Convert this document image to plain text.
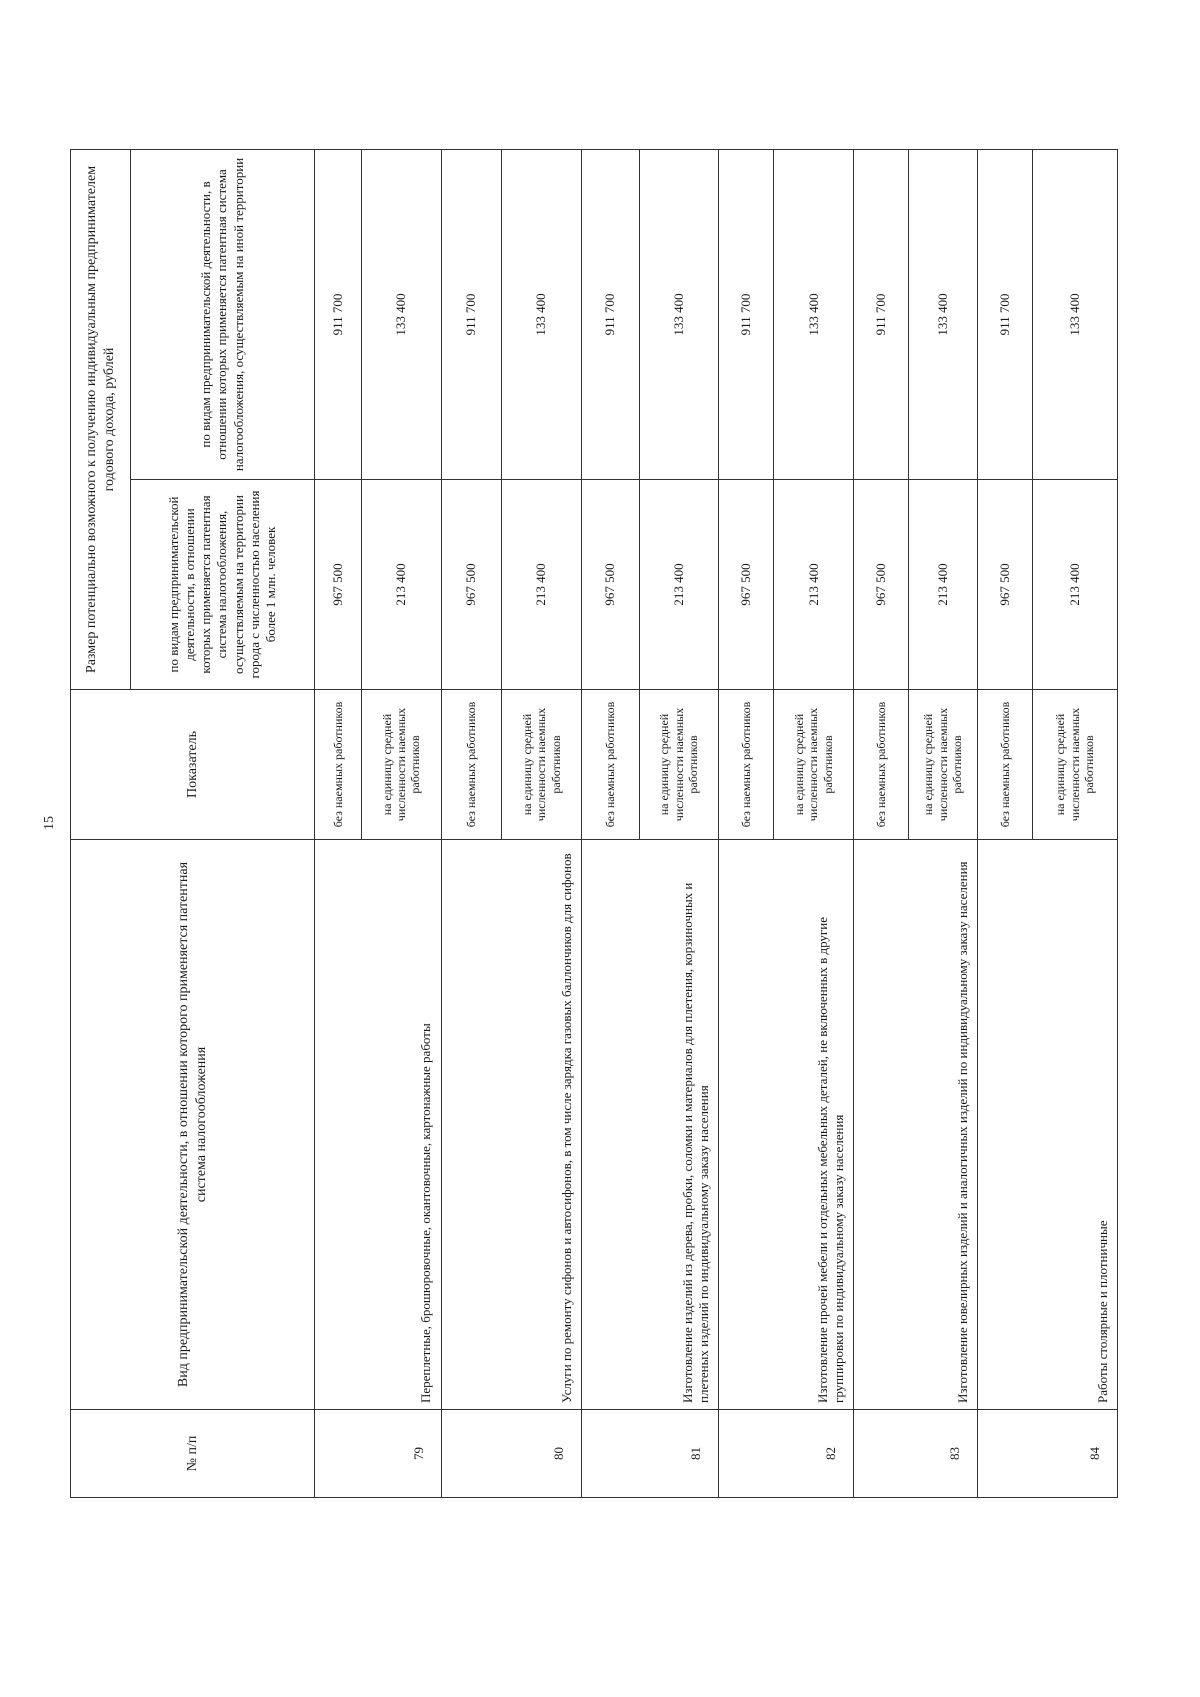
15
№ п/п	Вид предпринимательской деятельности, в отношении которого применяется патентная система налогообложения	Показатель	Размер потенциально возможного к получению индивидуальным предпринимателем годового дохода, рублей	
			по видам предпринимательской деятельности, в отношении которых применяется патентная система налогообложения, осуществляемым на территории города с численностью населения более 1 млн. человек	по видам предпринимательской деятельности, в отношении которых применяется патентная система налогообложения, осуществляемым на иной территории
79	Переплетные, брошюровочные, окантовочные, картонажные работы	без наемных работников	967 500	911 700
		на единицу средней численности наемных работников	213 400	133 400
80	Услуги по ремонту сифонов и автосифонов, в том числе зарядка газовых баллончиков для сифонов	без наемных работников	967 500	911 700
		на единицу средней численности наемных работников	213 400	133 400
81	Изготовление изделий из дерева, пробки, соломки и материалов для плетения, корзиночных и плетеных изделий по индивидуальному заказу населения	без наемных работников	967 500	911 700
		на единицу средней численности наемных работников	213 400	133 400
82	Изготовление прочей мебели и отдельных мебельных деталей, не включенных в другие группировки по индивидуальному заказу населения	без наемных работников	967 500	911 700
		на единицу средней численности наемных работников	213 400	133 400
83	Изготовление ювелирных изделий и аналогичных изделий по индивидуальному заказу населения	без наемных работников	967 500	911 700
		на единицу средней численности наемных работников	213 400	133 400
84	Работы столярные и плотничные	без наемных работников	967 500	911 700
		на единицу средней численности наемных работников	213 400	133 400
